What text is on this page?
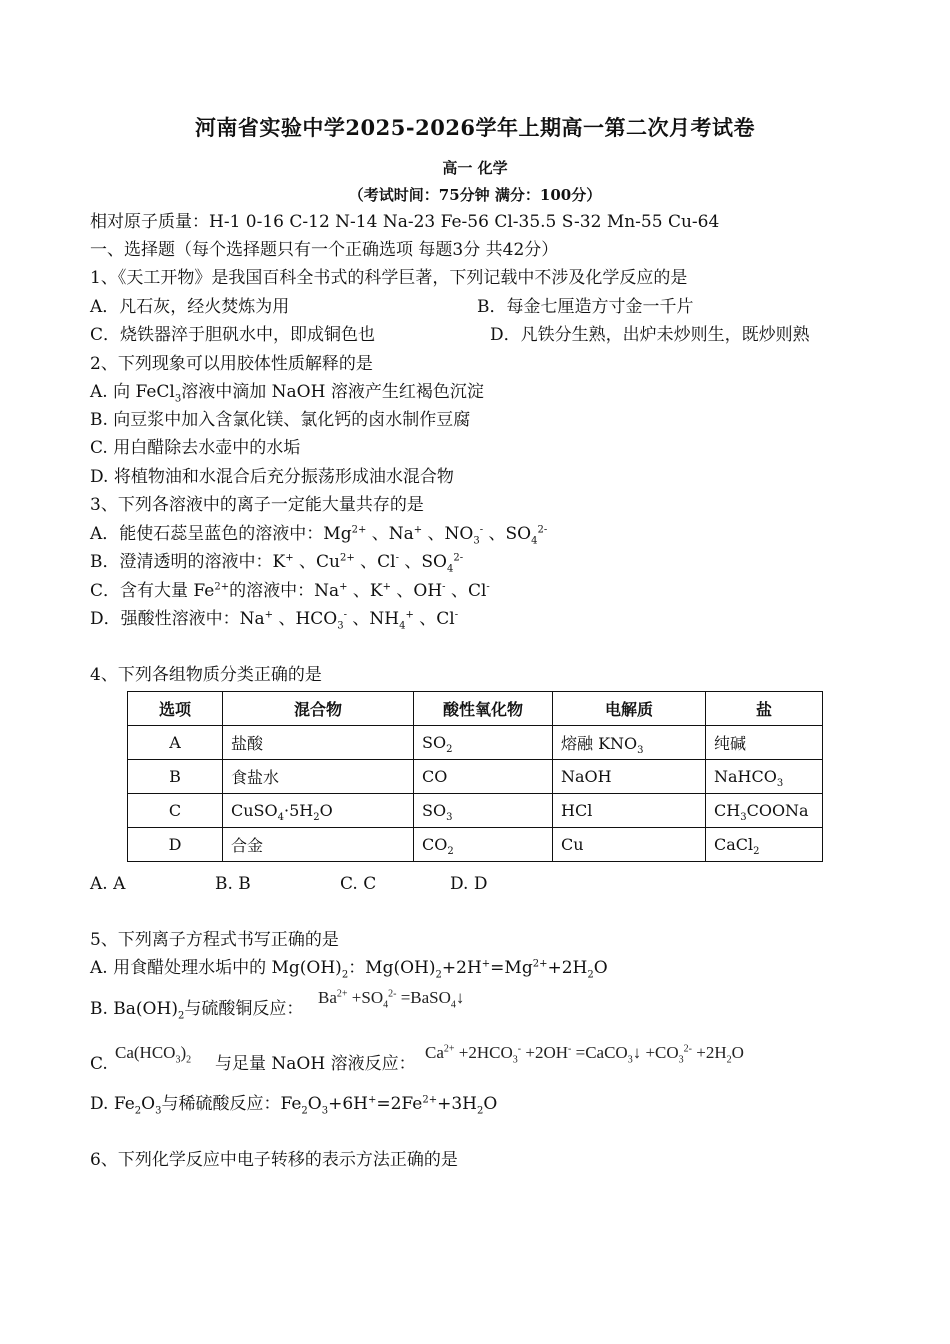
河南省实验中学2025-2026学年上期高一第二次月考试卷
高一 化学
（考试时间：75分钟 满分：100分）
相对原子质量：H-1 0-16 C-12 N-14 Na-23 Fe-56 Cl-35.5 S-32 Mn-55 Cu-64
一、选择题（每个选择题只有一个正确选项 每题3分 共42分）
1、《天工开物》是我国百科全书式的科学巨著，下列记载中不涉及化学反应的是
A．凡石灰，经火焚炼为用	B．每金七厘造方寸金一千片
C．烧铁器淬于胆矾水中，即成铜色也	D．凡铁分生熟，出炉未炒则生，既炒则熟
2、下列现象可以用胶体性质解释的是
A. 向 FeCl$_3$溶液中滴加 NaOH 溶液产生红褐色沉淀
B. 向豆浆中加入含氯化镁、氯化钙的卤水制作豆腐
C. 用白醋除去水壶中的水垢
D. 将植物油和水混合后充分振荡形成油水混合物
3、下列各溶液中的离子一定能大量共存的是
A．能使石蕊呈蓝色的溶液中：$Mg^{2+}$ 、Na+ 、$NO_3^-$ 、$SO_4^{2-}$
B．澄清透明的溶液中：K+ 、$Cu^{2+}$ 、Cl- 、$SO_4^{2-}$
C．含有大量 $Fe^{2+}$的溶液中：Na+ 、K+ 、OH- 、Cl-
D．强酸性溶液中：Na+ 、$HCO_3^-$ 、$NH_4^+$ 、Cl-
4、下列各组物质分类正确的是
选项	混合物	酸性氧化物	电解质	盐
A	盐酸	$SO_2$	熔融 $KNO_3$	纯碱
B	食盐水	CO	NaOH	NaHCO$_3$
C	$CuSO_4\cdot 5H_2O$	$SO_3$	HCl	$CH_3COONa$
D	合金	$CO_2$	Cu	CaCl$_2$
A. A	B. B	C. C	D. D
5、下列离子方程式书写正确的是
A. 用食醋处理水垢中的 $Mg(OH)_2$：$Mg(OH)_2+2H^+=Mg^{2+}+2H_2O$
B. $Ba(OH)_2$与硫酸铜反应：
$Ba^{2+} +SO_4^{2-}$ =BaSO$_4$↓
C.
$Ca(HCO_3)_2$ 与足量 NaOH 溶液反应：
$Ca^{2+} +2HCO_3^- +2OH^-$ =CaCO$_3$↓ $+CO_3^{2-} +2H_2O$
D. $Fe_2O_3$与稀硫酸反应：$Fe_2O_3+6H^+=2Fe^{2+}+3H_2O$
6、下列化学反应中电子转移的表示方法正确的是
